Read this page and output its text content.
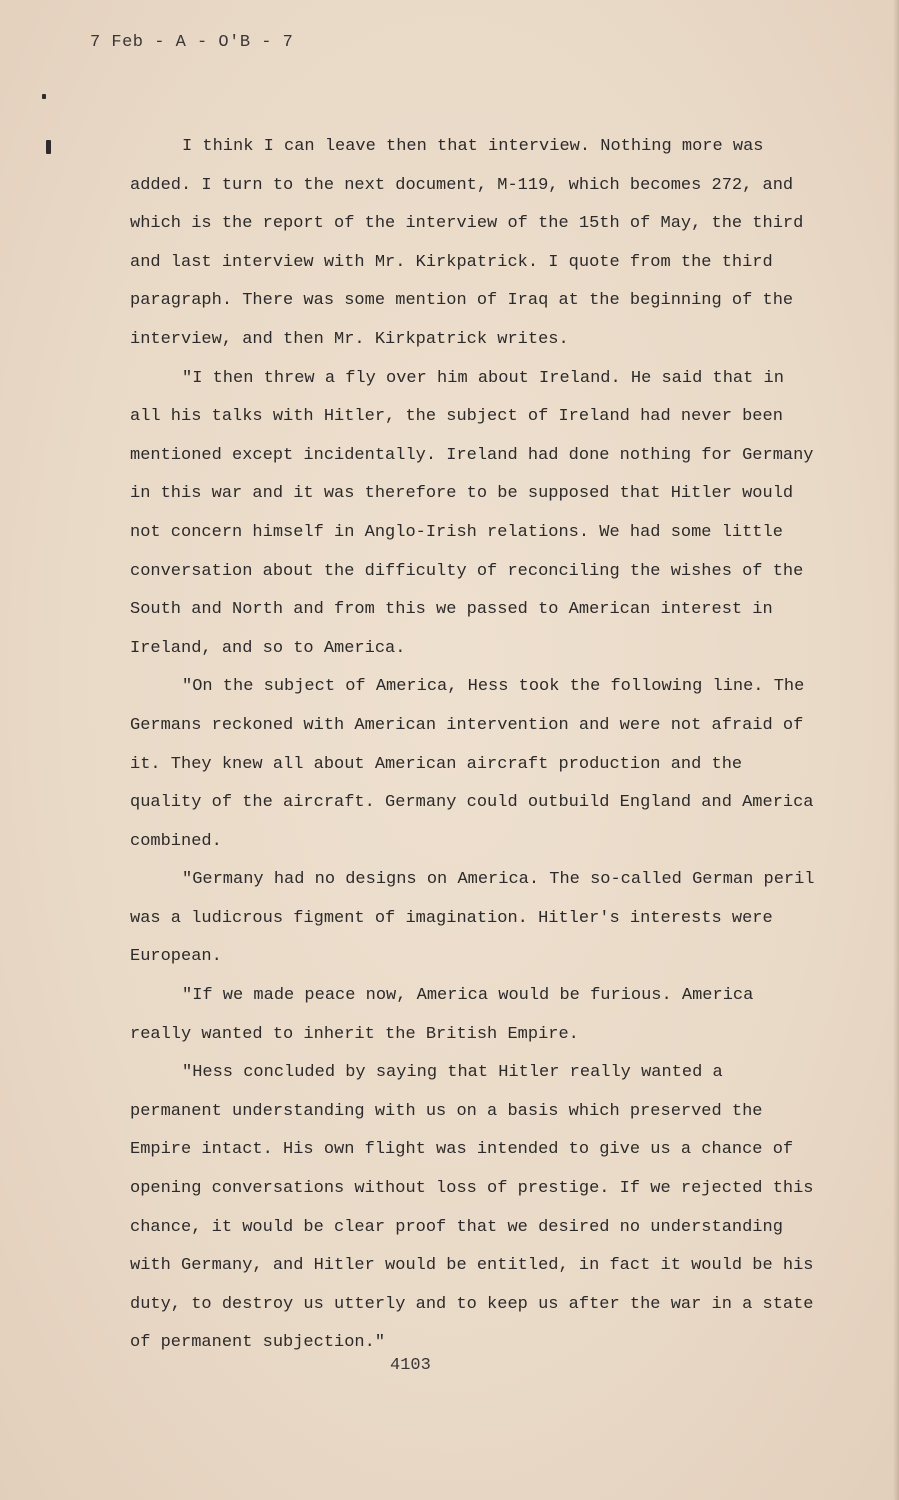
7 Feb - A - O'B - 7

I think I can leave then that interview. Nothing more was added. I turn to the next document, M-119, which becomes 272, and which is the report of the interview of the 15th of May, the third and last interview with Mr. Kirkpatrick. I quote from the third paragraph. There was some mention of Iraq at the beginning of the interview, and then Mr. Kirkpatrick writes.

"I then threw a fly over him about Ireland. He said that in all his talks with Hitler, the subject of Ireland had never been mentioned except incidentally. Ireland had done nothing for Germany in this war and it was therefore to be supposed that Hitler would not concern himself in Anglo-Irish relations. We had some little conversation about the difficulty of reconciling the wishes of the South and North and from this we passed to American interest in Ireland, and so to America.

"On the subject of America, Hess took the following line. The Germans reckoned with American intervention and were not afraid of it. They knew all about American aircraft production and the quality of the aircraft. Germany could outbuild England and America combined.

"Germany had no designs on America. The so-called German peril was a ludicrous figment of imagination. Hitler's interests were European.

"If we made peace now, America would be furious. America really wanted to inherit the British Empire.

"Hess concluded by saying that Hitler really wanted a permanent understanding with us on a basis which preserved the Empire intact. His own flight was intended to give us a chance of opening conversations without loss of prestige. If we rejected this chance, it would be clear proof that we desired no understanding with Germany, and Hitler would be entitled, in fact it would be his duty, to destroy us utterly and to keep us after the war in a state of permanent subjection."

4103
